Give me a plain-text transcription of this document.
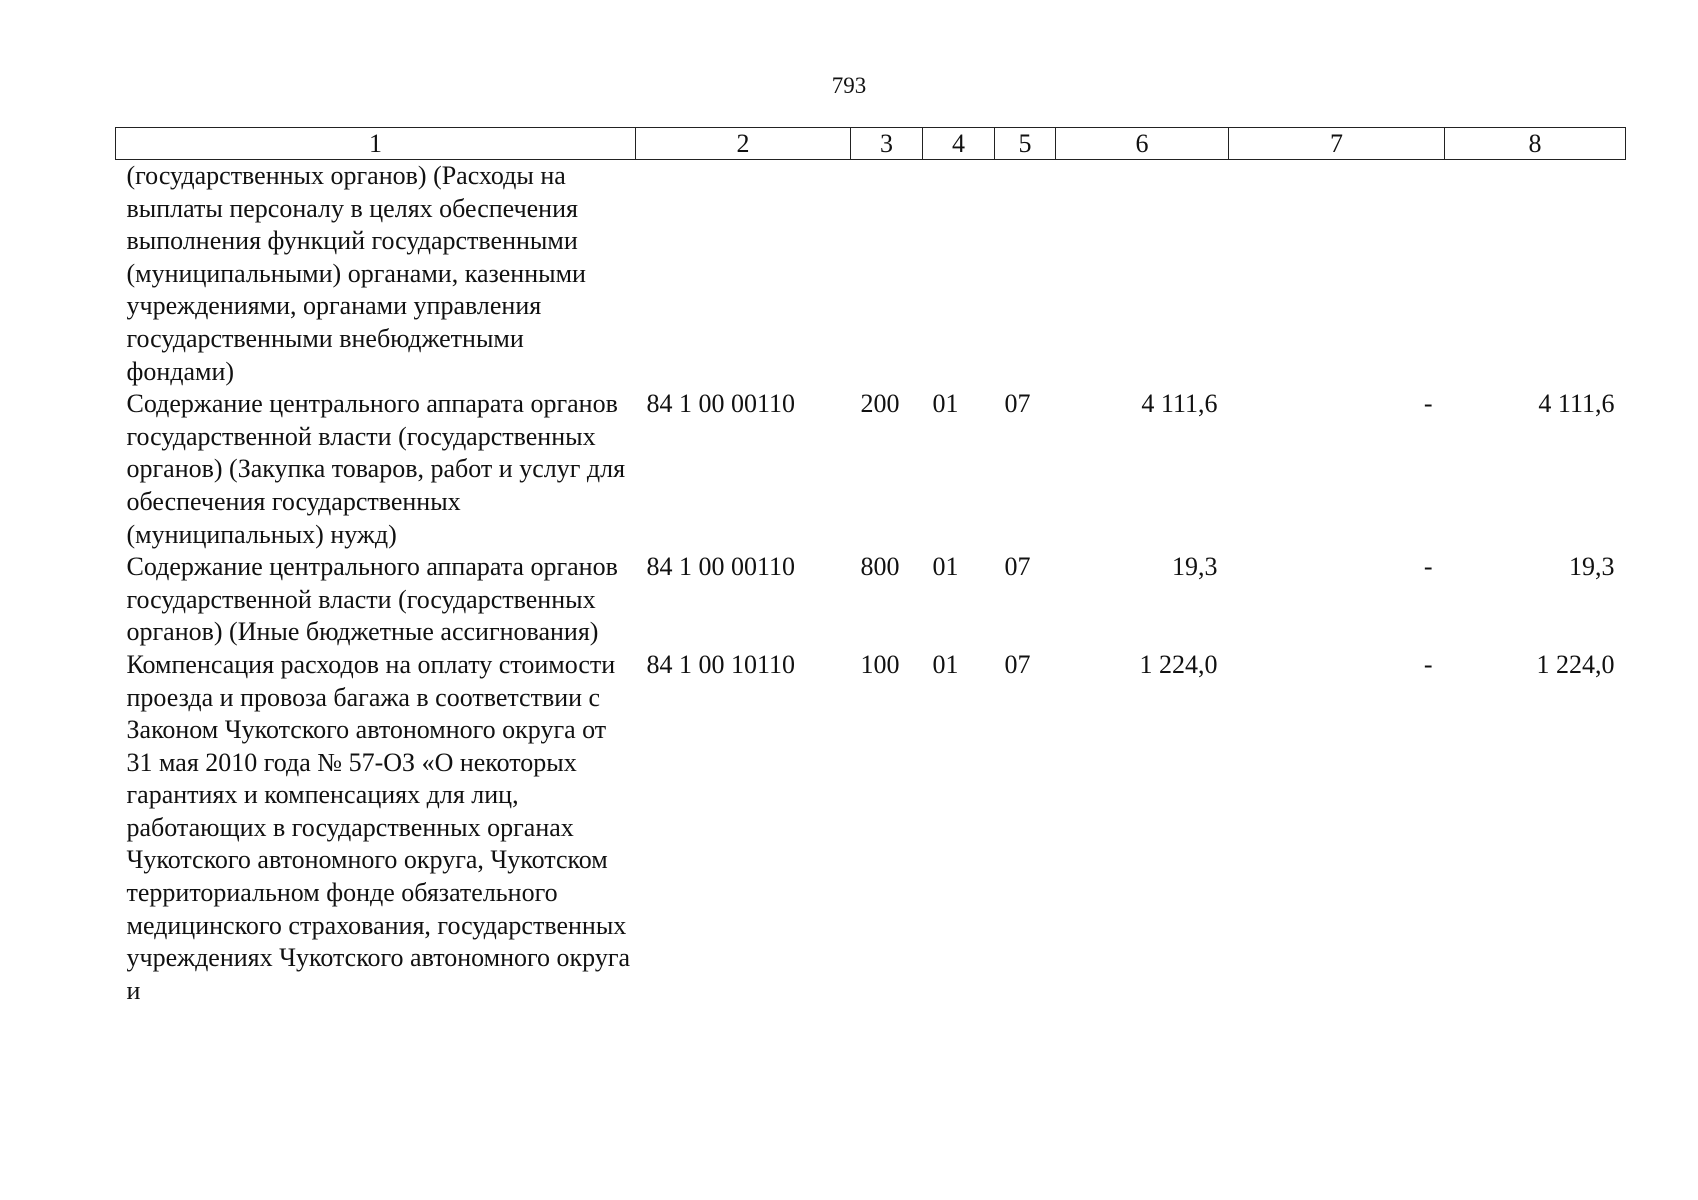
793
1	2	3	4	5	6	7	8
(государственных органов) (Расходы на выплаты персоналу в целях обеспечения выполнения функций государственными (муниципальными) органами, казенными учреждениями, органами управления государственными внебюджетными фондами)							
Содержание центрального аппарата органов государственной власти (государственных органов) (Закупка товаров, работ и услуг для обеспечения государственных (муниципальных) нужд)	84 1 00 00110	200	01	07	4 111,6	-	4 111,6
Содержание центрального аппарата органов государственной власти (государственных органов) (Иные бюджетные ассигнования)	84 1 00 00110	800	01	07	19,3	-	19,3
Компенсация расходов на оплату стоимости проезда и провоза багажа в соответствии с Законом Чукотского автономного округа от 31 мая 2010 года № 57-ОЗ «О некоторых гарантиях и компенсациях для лиц, работающих в государственных органах Чукотского автономного округа, Чукотском территориальном фонде обязательного медицинского страхования, государственных учреждениях Чукотского автономного округа и	84 1 00 10110	100	01	07	1 224,0	-	1 224,0
